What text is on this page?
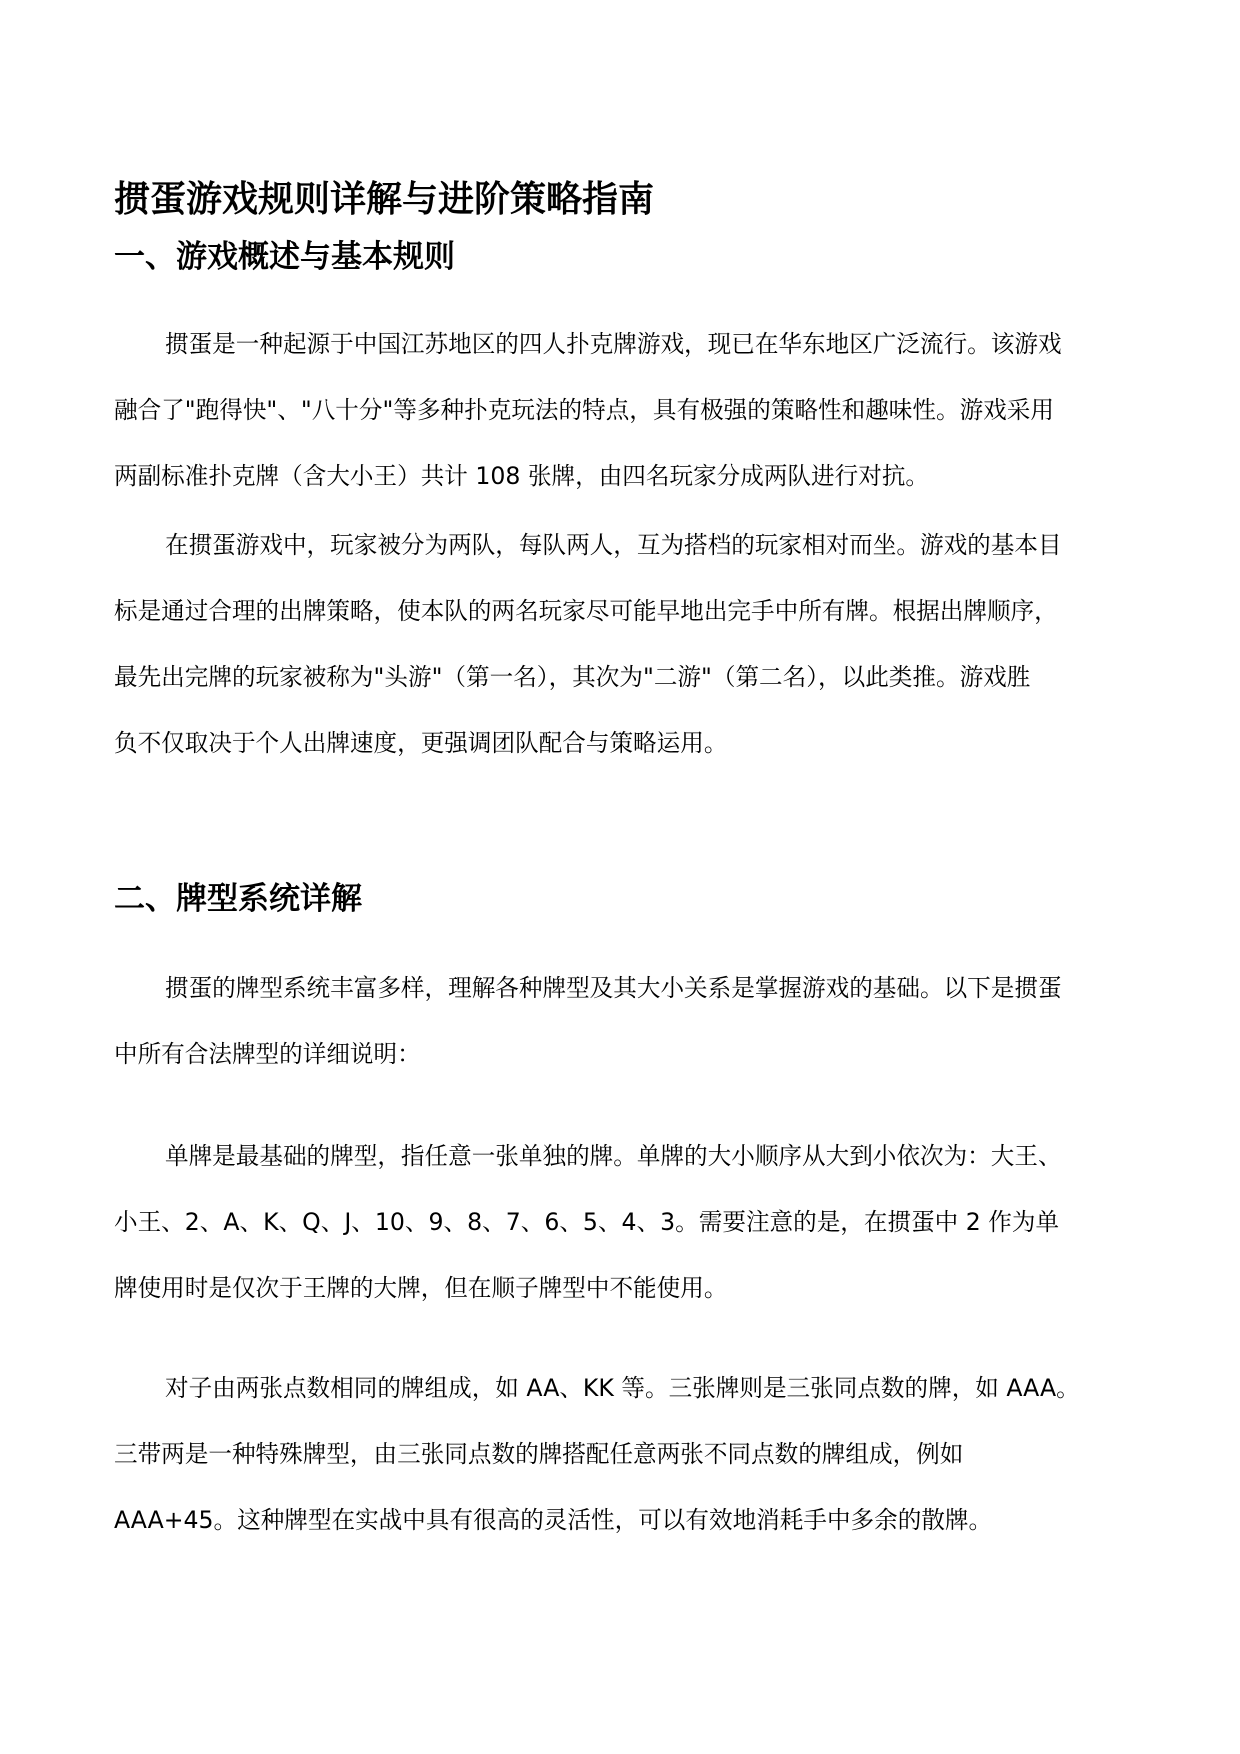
掼蛋游戏规则详解与进阶策略指南
一、游戏概述与基本规则
掼蛋是一种起源于中国江苏地区的四人扑克牌游戏，现已在华东地区广泛流行。该游戏
融合了"跑得快"、"八十分"等多种扑克玩法的特点，具有极强的策略性和趣味性。游戏采用
两副标准扑克牌（含大小王）共计 108 张牌，由四名玩家分成两队进行对抗。
在掼蛋游戏中，玩家被分为两队，每队两人，互为搭档的玩家相对而坐。游戏的基本目
标是通过合理的出牌策略，使本队的两名玩家尽可能早地出完手中所有牌。根据出牌顺序，
最先出完牌的玩家被称为"头游"（第一名），其次为"二游"（第二名），以此类推。游戏胜
负不仅取决于个人出牌速度，更强调团队配合与策略运用。
二、牌型系统详解
掼蛋的牌型系统丰富多样，理解各种牌型及其大小关系是掌握游戏的基础。以下是掼蛋
中所有合法牌型的详细说明：
单牌是最基础的牌型，指任意一张单独的牌。单牌的大小顺序从大到小依次为：大王、
小王、2、A、K、Q、J、10、9、8、7、6、5、4、3。需要注意的是，在掼蛋中 2 作为单
牌使用时是仅次于王牌的大牌，但在顺子牌型中不能使用。
对子由两张点数相同的牌组成，如 AA、KK 等。三张牌则是三张同点数的牌，如 AAA。
三带两是一种特殊牌型，由三张同点数的牌搭配任意两张不同点数的牌组成，例如
AAA+45。这种牌型在实战中具有很高的灵活性，可以有效地消耗手中多余的散牌。
